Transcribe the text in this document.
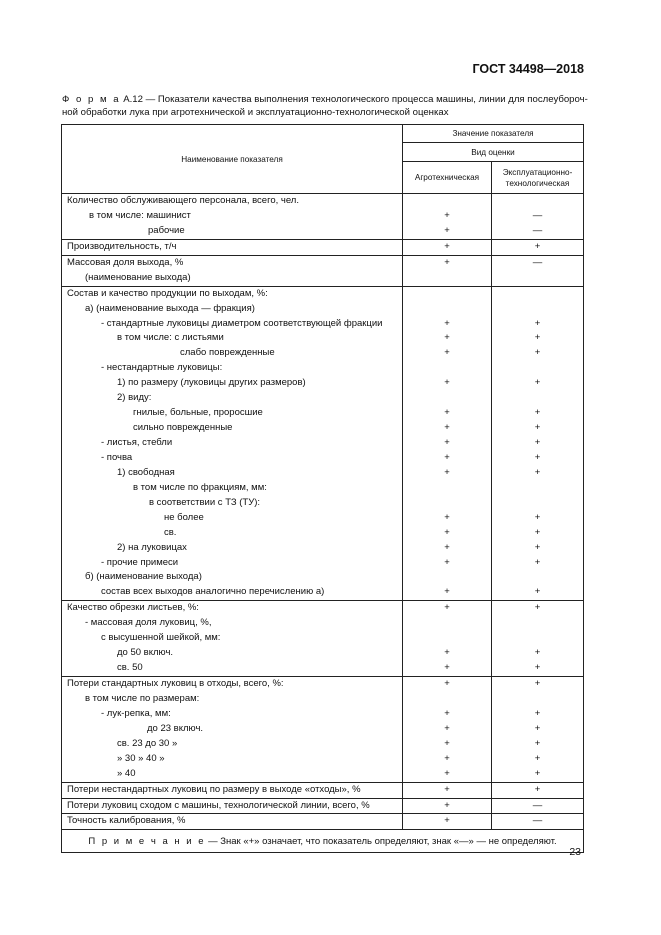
ГОСТ 34498—2018
Ф о р м а А.12 — Показатели качества выполнения технологического процесса машины, линии для послеубороч-ной обработки лука при агротехнической и эксплуатационно-технологической оценках
Наименование показателя	Значение показателя	
	Вид оценки	
	Агротехническая	Эксплуатационно-технологическая
Количество обслуживающего персонала, всего, чел.		
в том числе: машинист	+	—
рабочие	+	—
Производительность, т/ч	+	+
Массовая доля выхода, %	+	—
(наименование выхода)		
Состав и качество продукции по выходам, %:		
а) (наименование выхода — фракция)		
- стандартные луковицы диаметром соответствующей фракции	+	+
в том числе: с листьями	+	+
слабо поврежденные	+	+
- нестандартные луковицы:		
1) по размеру (луковицы других размеров)	+	+
2) виду:		
гнилые, больные, проросшие	+	+
сильно поврежденные	+	+
- листья, стебли	+	+
- почва	+	+
1) свободная	+	+
в том числе по фракциям, мм:		
в соответствии с ТЗ (ТУ):		
не более	+	+
св.	+	+
2) на луковицах	+	+
- прочие примеси	+	+
б) (наименование выхода)		
состав всех выходов аналогично перечислению а)	+	+
Качество обрезки листьев, %:	+	+
- массовая доля луковиц, %,		
с высушенной шейкой, мм:		
до 50 включ.	+	+
св. 50	+	+
Потери стандартных луковиц в отходы, всего, %:	+	+
в том числе по размерам:		
- лук-репка, мм:	+	+
до 23 включ.	+	+
св. 23 до 30 »	+	+
» 30 » 40 »	+	+
» 40	+	+
Потери нестандартных луковиц по размеру в выходе «отходы», %	+	+
Потери луковиц сходом с машины, технологической линии, всего, %	+	—
Точность калибрования, %	+	—
П р и м е ч а н и е — Знак «+» означает, что показатель определяют, знак «—» — не определяют.		
23
